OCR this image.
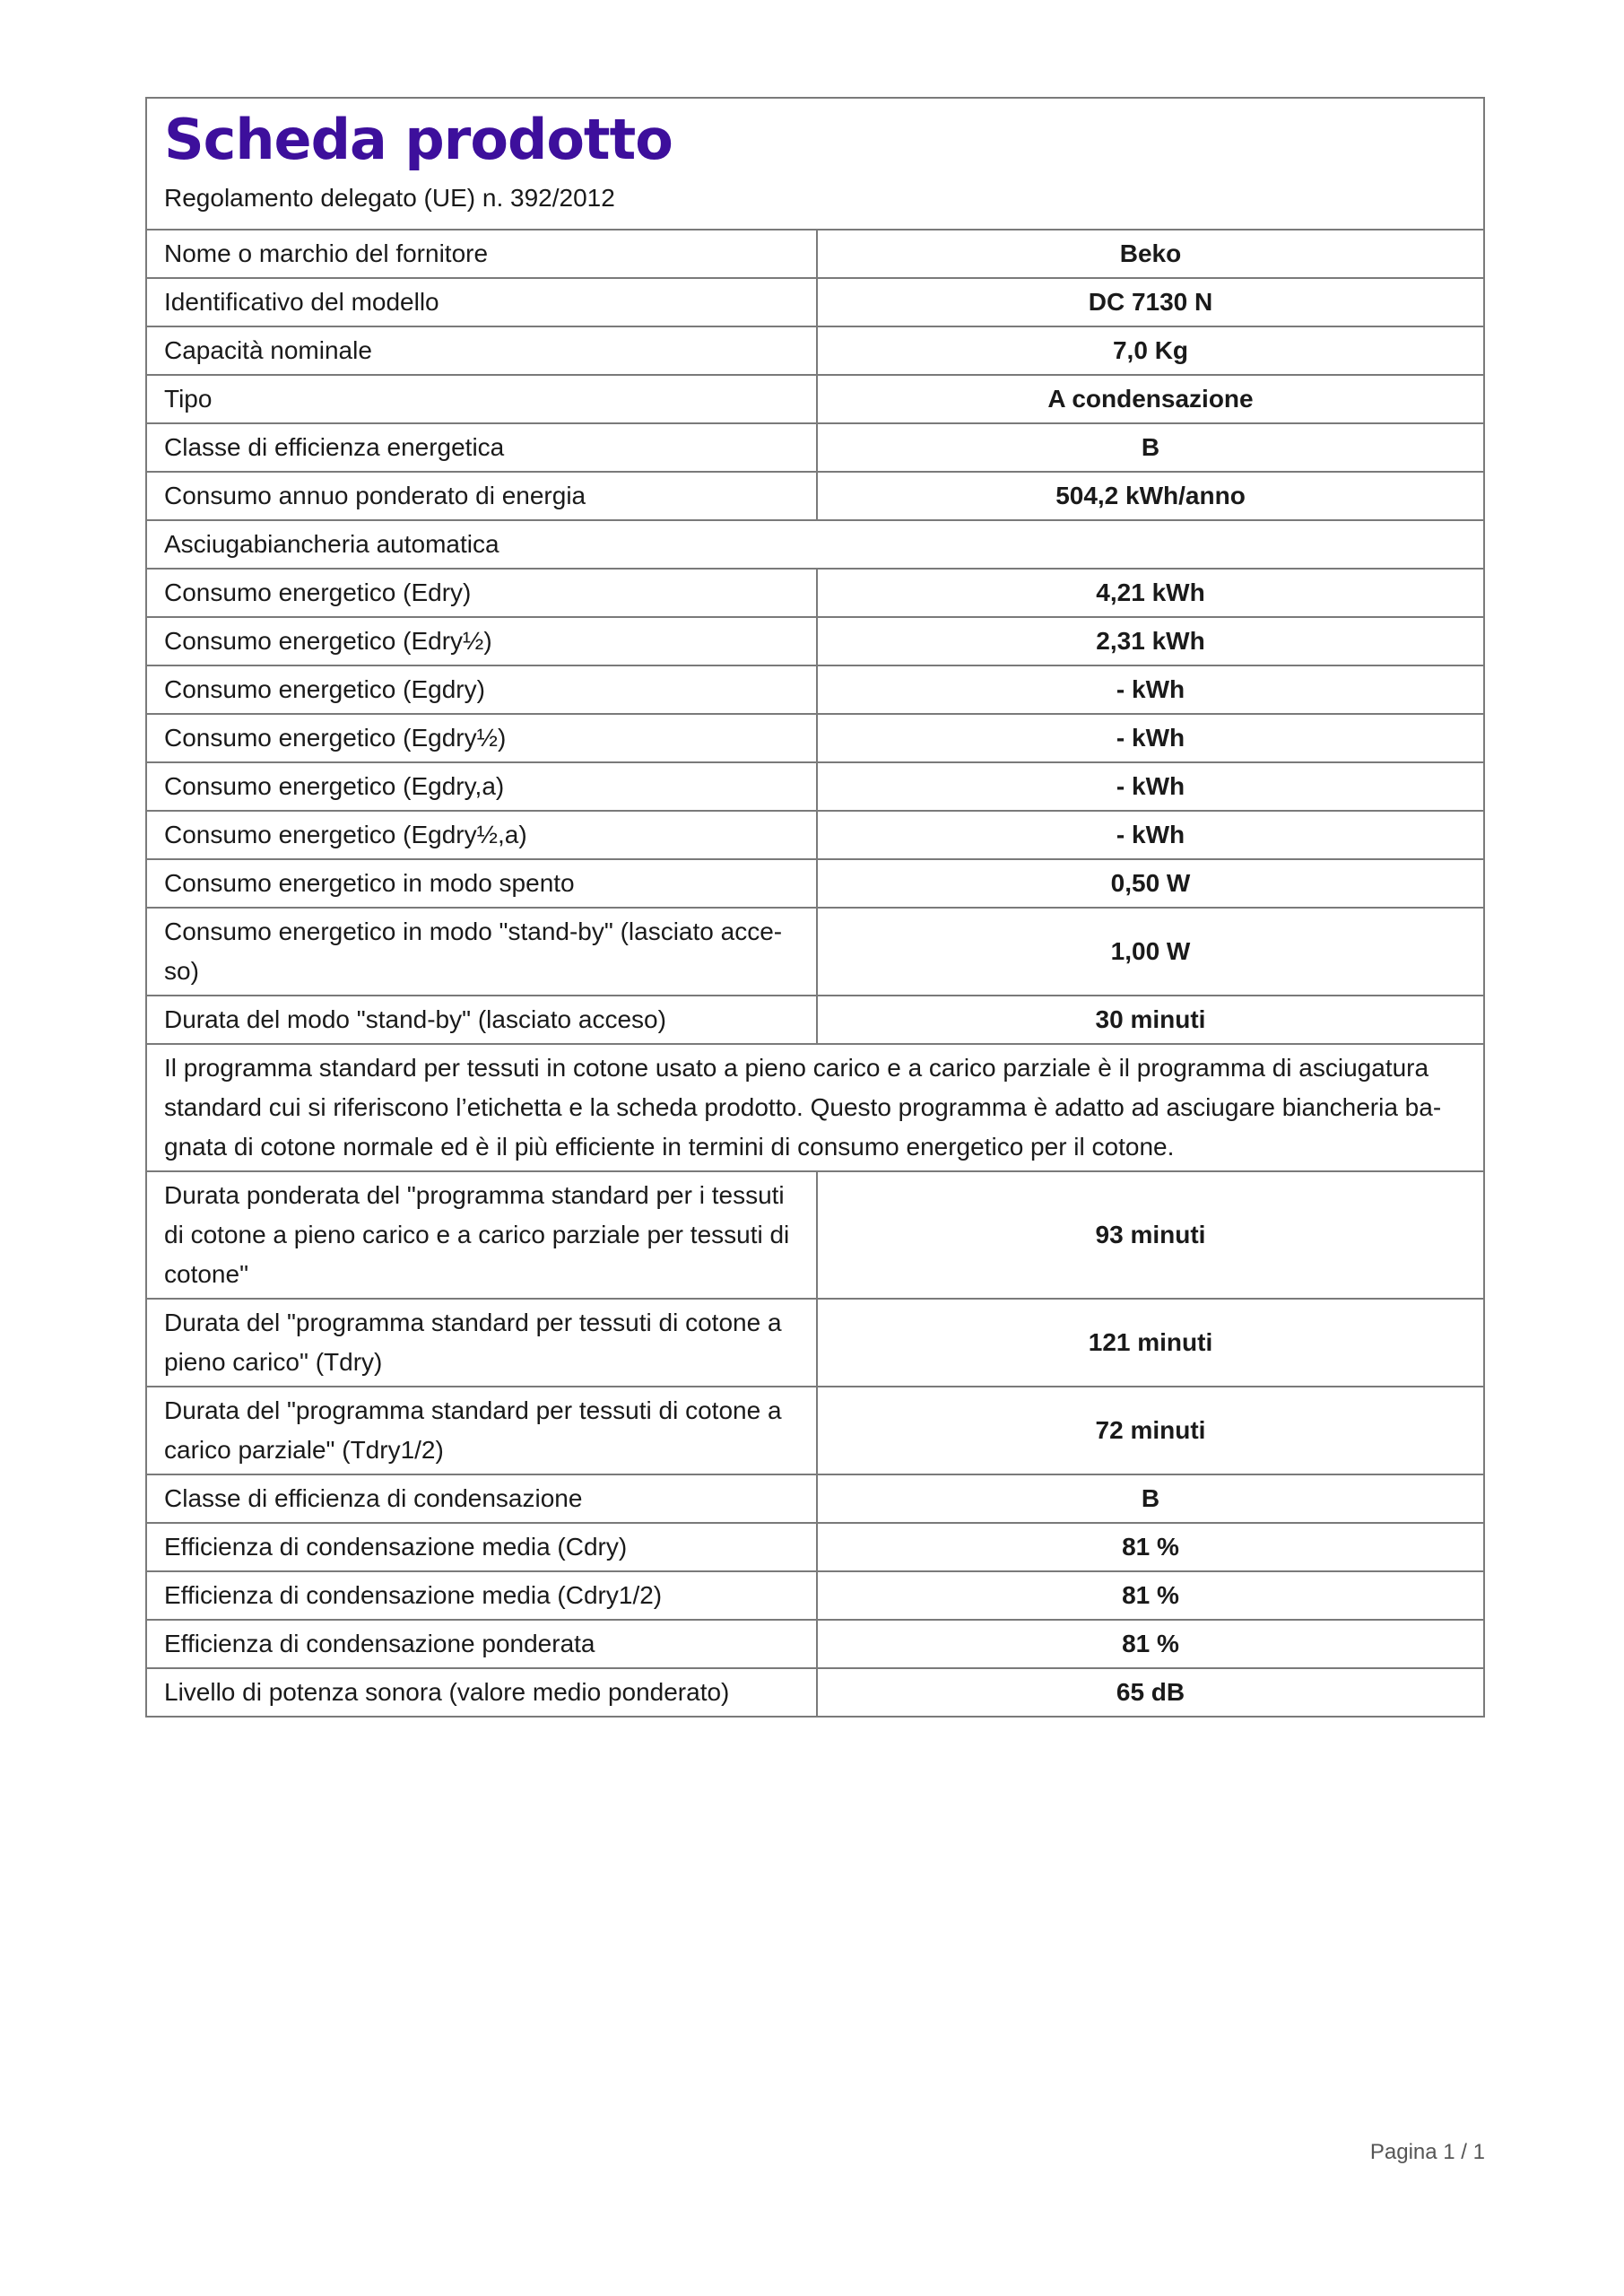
Scheda prodotto
Regolamento delegato (UE) n. 392/2012
Nome o marchio del fornitore	Beko
Identificativo del modello	DC 7130 N
Capacità nominale	7,0 Kg
Tipo	A condensazione
Classe di efficienza energetica	B
Consumo annuo ponderato di energia	504,2 kWh/anno
Asciugabiancheria automatica	
Consumo energetico (Edry)	4,21 kWh
Consumo energetico (Edry½)	2,31 kWh
Consumo energetico (Egdry)	- kWh
Consumo energetico (Egdry½)	- kWh
Consumo energetico (Egdry,a)	- kWh
Consumo energetico (Egdry½,a)	- kWh
Consumo energetico in modo spento	0,50 W
Consumo energetico in modo "stand-by" (lasciato acce-so)	1,00 W
Durata del modo "stand-by" (lasciato acceso)	30 minuti
Il programma standard per tessuti in cotone usato a pieno carico e a carico parziale è il programma di asciugatura standard cui si riferiscono l’etichetta e la scheda prodotto. Questo programma è adatto ad asciugare biancheria ba-gnata di cotone normale ed è il più efficiente in termini di consumo energetico per il cotone.	
Durata ponderata del "programma standard per i tessuti di cotone a pieno carico e a carico parziale per tessuti di cotone"	93 minuti
Durata del "programma standard per tessuti di cotone a pieno carico" (Tdry)	121 minuti
Durata del "programma standard per tessuti di cotone a carico parziale" (Tdry1/2)	72 minuti
Classe di efficienza di condensazione	B
Efficienza di condensazione media (Cdry)	81 %
Efficienza di condensazione media (Cdry1/2)	81 %
Efficienza di condensazione ponderata	81 %
Livello di potenza sonora (valore medio ponderato)	65 dB
Pagina 1 / 1
